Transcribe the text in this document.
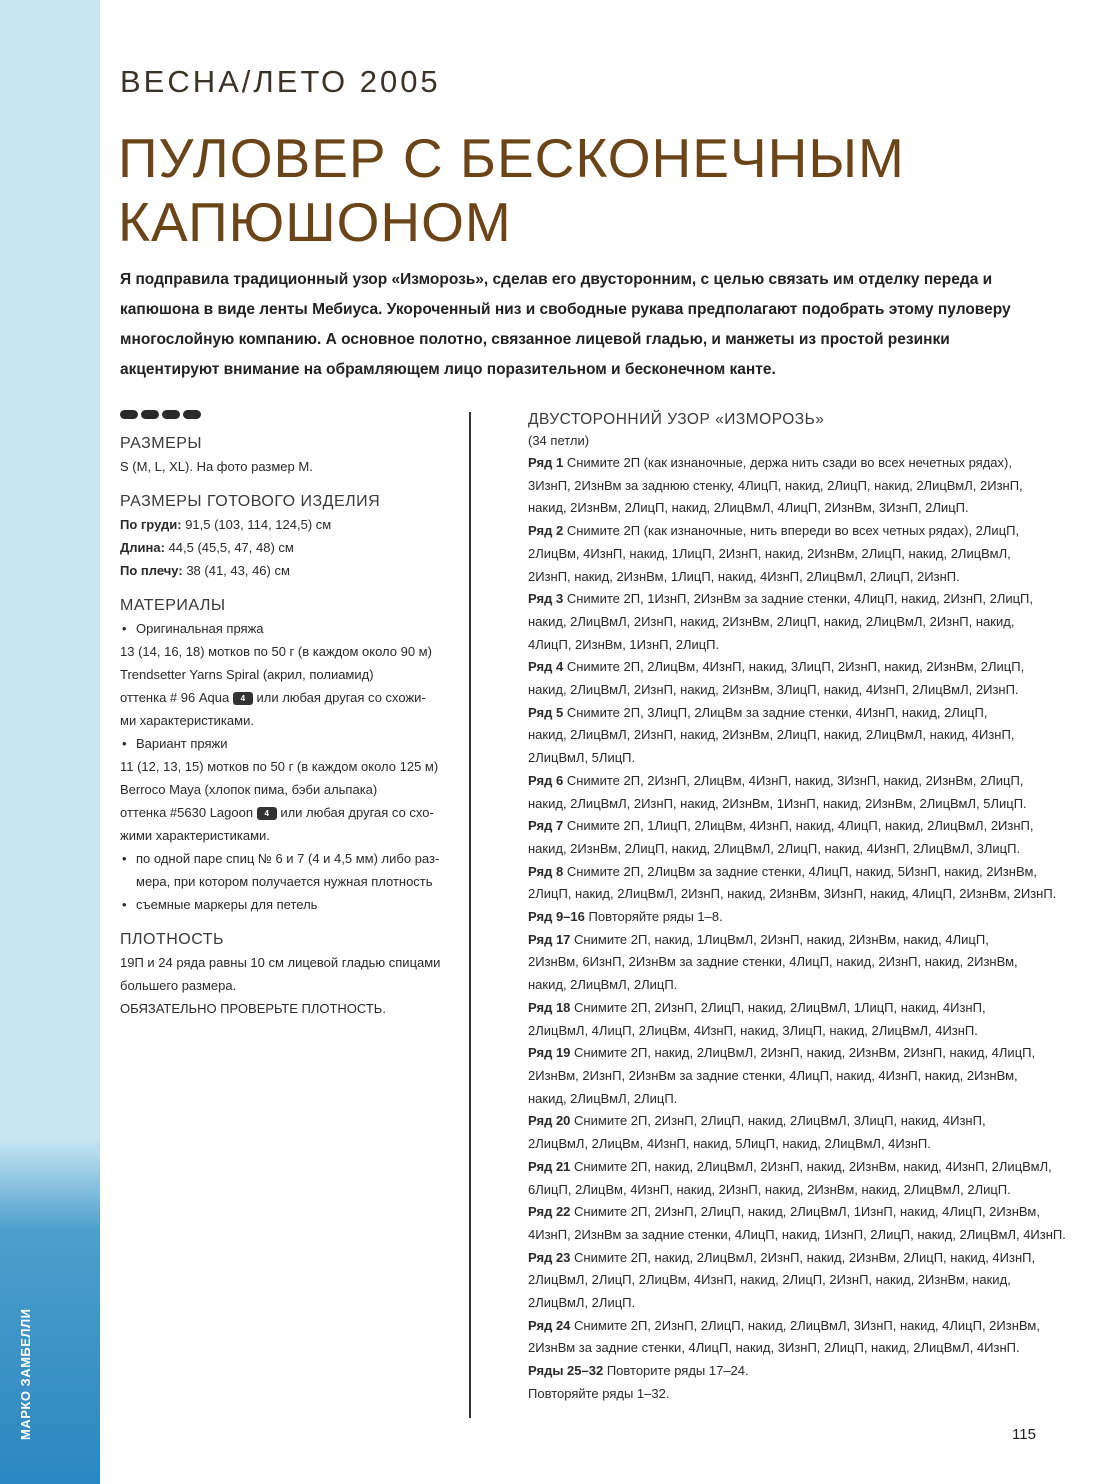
МАРКО ЗАМБЕЛЛИ
ВЕСНА/ЛЕТО 2005
ПУЛОВЕР С БЕСКОНЕЧНЫМ
КАПЮШОНОМ

Я подправила традиционный узор «Изморозь», сделав его двусторонним, с целью связать им отделку переда и капюшона в виде ленты Мебиуса. Укороченный низ и свободные рукава предполагают подобрать этому пуловеру многослойную компанию. А основное полотно, связанное лицевой гладью, и манжеты из простой резинки акцентируют внимание на обрамляющем лицо поразительном и бесконечном канте.

РАЗМЕРЫ
S (M, L, XL). На фото размер M.
РАЗМЕРЫ ГОТОВОГО ИЗДЕЛИЯ
По груди: 91,5 (103, 114, 124,5) см
Длина: 44,5 (45,5, 47, 48) см
По плечу: 38 (41, 43, 46) см
МАТЕРИАЛЫ
• Оригинальная пряжа
13 (14, 16, 18) мотков по 50 г (в каждом около 90 м)
Trendsetter Yarns Spiral (акрил, полиамид)
оттенка # 96 Aqua 4 или любая другая со схожи-
ми характеристиками.
• Вариант пряжи
11 (12, 13, 15) мотков по 50 г (в каждом около 125 м)
Berroco Maya (хлопок пима, бэби альпака)
оттенка #5630 Lagoon 4 или любая другая со схо-
жими характеристиками.
• по одной паре спиц № 6 и 7 (4 и 4,5 мм) либо раз-
мера, при котором получается нужная плотность
• съемные маркеры для петель
ПЛОТНОСТЬ
19П и 24 ряда равны 10 см лицевой гладью спицами
большего размера.
ОБЯЗАТЕЛЬНО ПРОВЕРЬТЕ ПЛОТНОСТЬ.
ДВУСТОРОННИЙ УЗОР «ИЗМОРОЗЬ»
(34 петли)
Ряд 1 Снимите 2П (как изнаночные, держа нить сзади во всех нечетных рядах),
3ИзнП, 2ИзнВм за заднюю стенку, 4ЛицП, накид, 2ЛицП, накид, 2ЛицВмЛ, 2ИзнП,
накид, 2ИзнВм, 2ЛицП, накид, 2ЛицВмЛ, 4ЛицП, 2ИзнВм, 3ИзнП, 2ЛицП.
Ряд 2 Снимите 2П (как изнаночные, нить впереди во всех четных рядах), 2ЛицП,
2ЛицВм, 4ИзнП, накид, 1ЛицП, 2ИзнП, накид, 2ИзнВм, 2ЛицП, накид, 2ЛицВмЛ,
2ИзнП, накид, 2ИзнВм, 1ЛицП, накид, 4ИзнП, 2ЛицВмЛ, 2ЛицП, 2ИзнП.
Ряд 3 Снимите 2П, 1ИзнП, 2ИзнВм за задние стенки, 4ЛицП, накид, 2ИзнП, 2ЛицП,
накид, 2ЛицВмЛ, 2ИзнП, накид, 2ИзнВм, 2ЛицП, накид, 2ЛицВмЛ, 2ИзнП, накид,
4ЛицП, 2ИзнВм, 1ИзнП, 2ЛицП.
Ряд 4 Снимите 2П, 2ЛицВм, 4ИзнП, накид, 3ЛицП, 2ИзнП, накид, 2ИзнВм, 2ЛицП,
накид, 2ЛицВмЛ, 2ИзнП, накид, 2ИзнВм, 3ЛицП, накид, 4ИзнП, 2ЛицВмЛ, 2ИзнП.
Ряд 5 Снимите 2П, 3ЛицП, 2ЛицВм за задние стенки, 4ИзнП, накид, 2ЛицП,
накид, 2ЛицВмЛ, 2ИзнП, накид, 2ИзнВм, 2ЛицП, накид, 2ЛицВмЛ, накид, 4ИзнП,
2ЛицВмЛ, 5ЛицП.
Ряд 6 Снимите 2П, 2ИзнП, 2ЛицВм, 4ИзнП, накид, 3ИзнП, накид, 2ИзнВм, 2ЛицП,
накид, 2ЛицВмЛ, 2ИзнП, накид, 2ИзнВм, 1ИзнП, накид, 2ИзнВм, 2ЛицВмЛ, 5ЛицП.
Ряд 7 Снимите 2П, 1ЛицП, 2ЛицВм, 4ИзнП, накид, 4ЛицП, накид, 2ЛицВмЛ, 2ИзнП,
накид, 2ИзнВм, 2ЛицП, накид, 2ЛицВмЛ, 2ЛицП, накид, 4ИзнП, 2ЛицВмЛ, 3ЛицП.
Ряд 8 Снимите 2П, 2ЛицВм за задние стенки, 4ЛицП, накид, 5ИзнП, накид, 2ИзнВм,
2ЛицП, накид, 2ЛицВмЛ, 2ИзнП, накид, 2ИзнВм, 3ИзнП, накид, 4ЛицП, 2ИзнВм, 2ИзнП.
Ряд 9–16 Повторяйте ряды 1–8.
Ряд 17 Снимите 2П, накид, 1ЛицВмЛ, 2ИзнП, накид, 2ИзнВм, накид, 4ЛицП,
2ИзнВм, 6ИзнП, 2ИзнВм за задние стенки, 4ЛицП, накид, 2ИзнП, накид, 2ИзнВм,
накид, 2ЛицВмЛ, 2ЛицП.
Ряд 18 Снимите 2П, 2ИзнП, 2ЛицП, накид, 2ЛицВмЛ, 1ЛицП, накид, 4ИзнП,
2ЛицВмЛ, 4ЛицП, 2ЛицВм, 4ИзнП, накид, 3ЛицП, накид, 2ЛицВмЛ, 4ИзнП.
Ряд 19 Снимите 2П, накид, 2ЛицВмЛ, 2ИзнП, накид, 2ИзнВм, 2ИзнП, накид, 4ЛицП,
2ИзнВм, 2ИзнП, 2ИзнВм за задние стенки, 4ЛицП, накид, 4ИзнП, накид, 2ИзнВм,
накид, 2ЛицВмЛ, 2ЛицП.
Ряд 20 Снимите 2П, 2ИзнП, 2ЛицП, накид, 2ЛицВмЛ, 3ЛицП, накид, 4ИзнП,
2ЛицВмЛ, 2ЛицВм, 4ИзнП, накид, 5ЛицП, накид, 2ЛицВмЛ, 4ИзнП.
Ряд 21 Снимите 2П, накид, 2ЛицВмЛ, 2ИзнП, накид, 2ИзнВм, накид, 4ИзнП, 2ЛицВмЛ,
6ЛицП, 2ЛицВм, 4ИзнП, накид, 2ИзнП, накид, 2ИзнВм, накид, 2ЛицВмЛ, 2ЛицП.
Ряд 22 Снимите 2П, 2ИзнП, 2ЛицП, накид, 2ЛицВмЛ, 1ИзнП, накид, 4ЛицП, 2ИзнВм,
4ИзнП, 2ИзнВм за задние стенки, 4ЛицП, накид, 1ИзнП, 2ЛицП, накид, 2ЛицВмЛ, 4ИзнП.
Ряд 23 Снимите 2П, накид, 2ЛицВмЛ, 2ИзнП, накид, 2ИзнВм, 2ЛицП, накид, 4ИзнП,
2ЛицВмЛ, 2ЛицП, 2ЛицВм, 4ИзнП, накид, 2ЛицП, 2ИзнП, накид, 2ИзнВм, накид,
2ЛицВмЛ, 2ЛицП.
Ряд 24 Снимите 2П, 2ИзнП, 2ЛицП, накид, 2ЛицВмЛ, 3ИзнП, накид, 4ЛицП, 2ИзнВм,
2ИзнВм за задние стенки, 4ЛицП, накид, 3ИзнП, 2ЛицП, накид, 2ЛицВмЛ, 4ИзнП.
Ряды 25–32 Повторите ряды 17–24.
Повторяйте ряды 1–32.
115
